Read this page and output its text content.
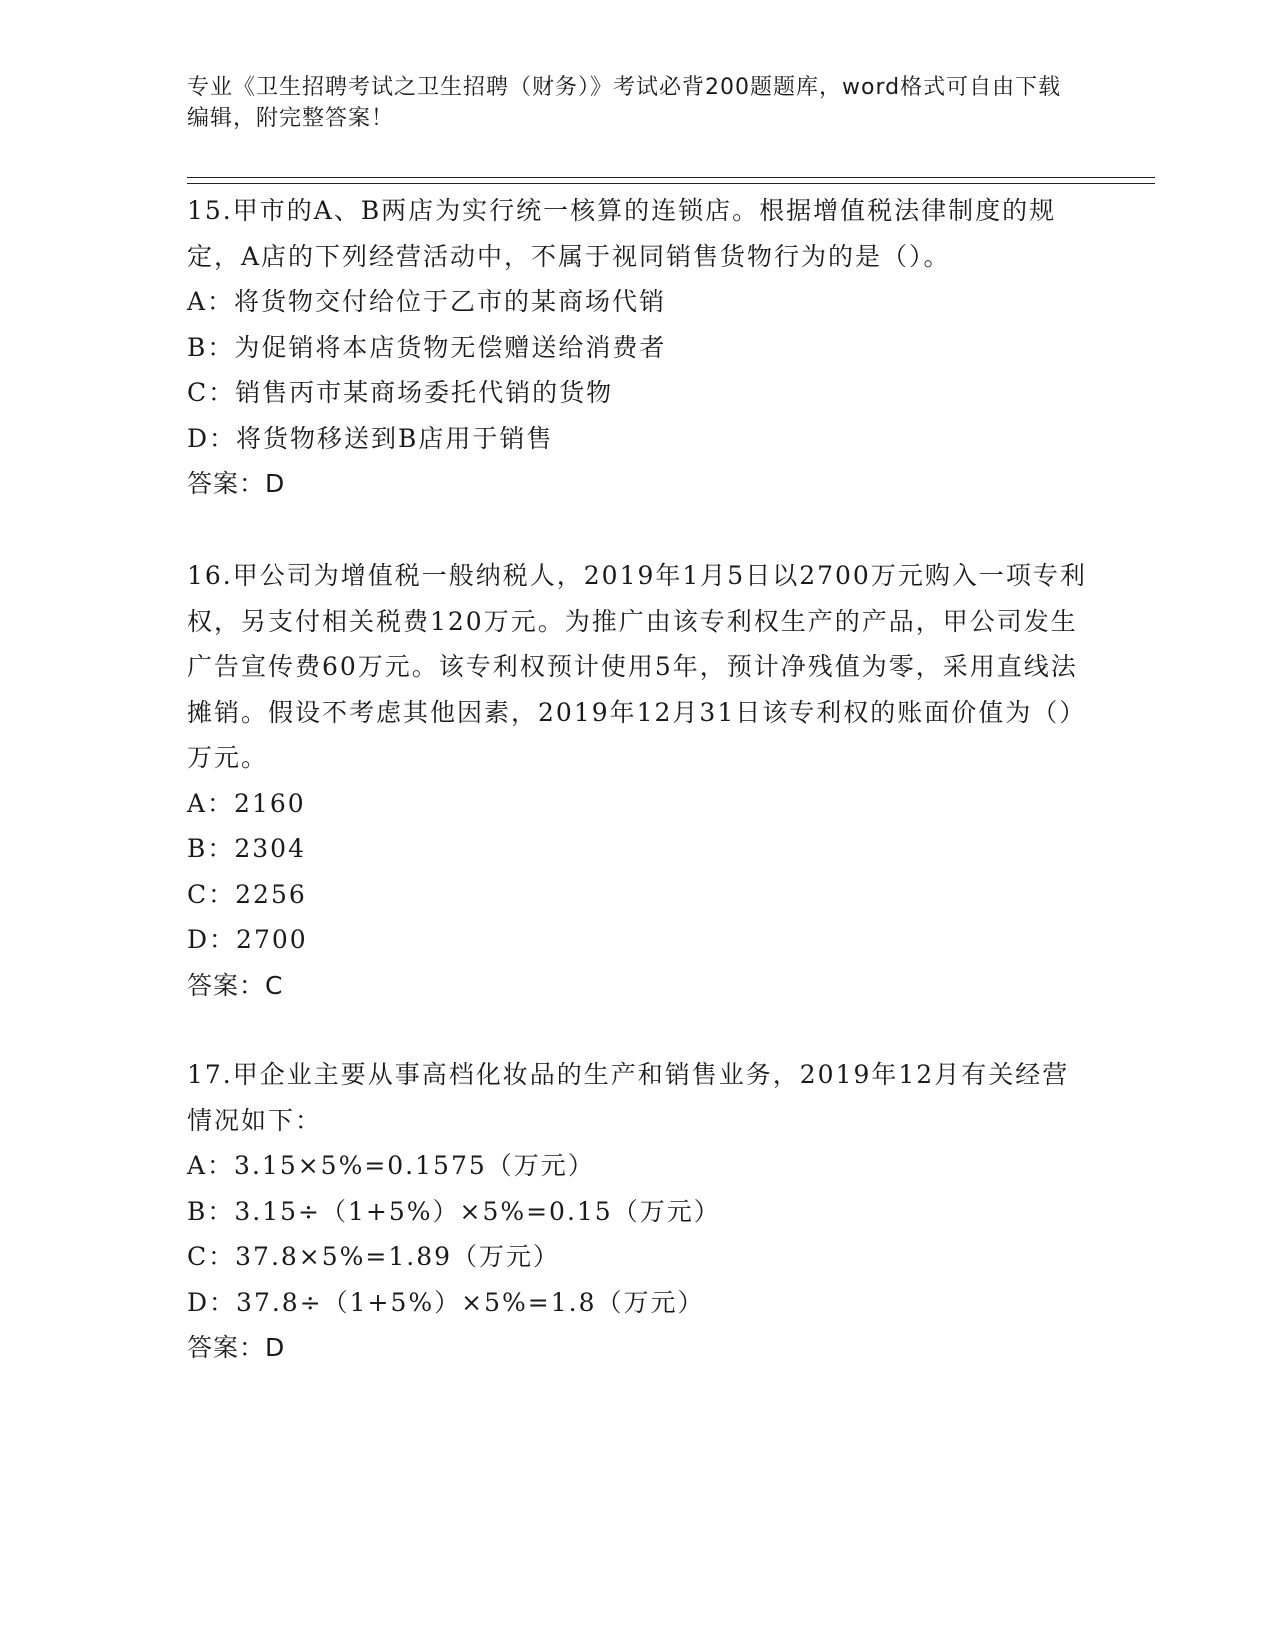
专业《卫生招聘考试之卫生招聘（财务）》考试必背200题题库，word格式可自由下载编辑，附完整答案！

15.甲市的A、B两店为实行统一核算的连锁店。根据增值税法律制度的规定，A店的下列经营活动中，不属于视同销售货物行为的是（）。

A：将货物交付给位于乙市的某商场代销

B：为促销将本店货物无偿赠送给消费者

C：销售丙市某商场委托代销的货物

D：将货物移送到B店用于销售

答案：D

16.甲公司为增值税一般纳税人，2019年1月5日以2700万元购入一项专利权，另支付相关税费120万元。为推广由该专利权生产的产品，甲公司发生广告宣传费60万元。该专利权预计使用5年，预计净残值为零，采用直线法摊销。假设不考虑其他因素，2019年12月31日该专利权的账面价值为（）万元。

A：2160

B：2304

C：2256

D：2700

答案：C

17.甲企业主要从事高档化妆品的生产和销售业务，2019年12月有关经营情况如下：

A：3.15×5%=0.1575（万元）

B：3.15÷（1+5%）×5%=0.15（万元）

C：37.8×5%=1.89（万元）

D：37.8÷（1+5%）×5%=1.8（万元）

答案：D
